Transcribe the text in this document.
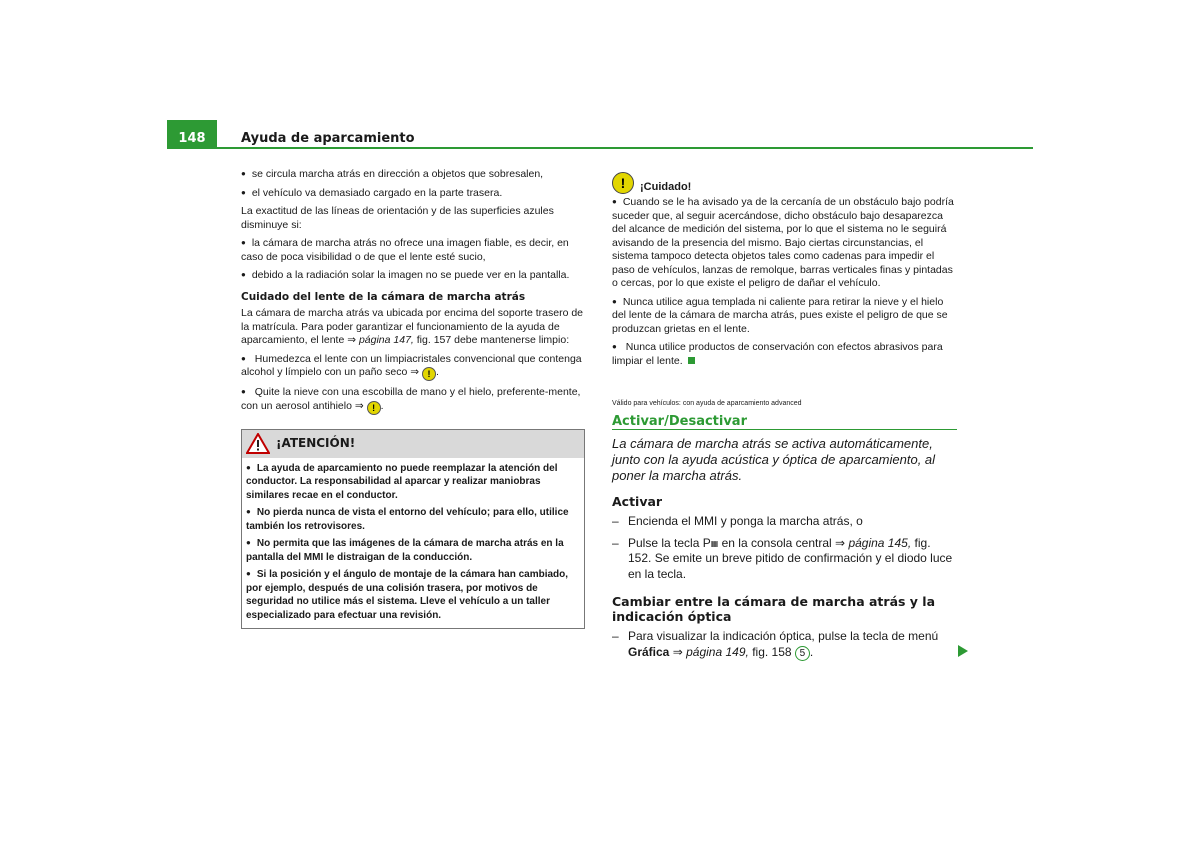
148	Ayuda de aparcamiento

● se circula marcha atrás en dirección a objetos que sobresalen,

● el vehículo va demasiado cargado en la parte trasera.

La exactitud de las líneas de orientación y de las superficies azules disminuye si:

● la cámara de marcha atrás no ofrece una imagen fiable, es decir, en caso de poca visibilidad o de que el lente esté sucio,

● debido a la radiación solar la imagen no se puede ver en la pantalla.

Cuidado del lente de la cámara de marcha atrás

La cámara de marcha atrás va ubicada por encima del soporte trasero de la matrícula. Para poder garantizar el funcionamiento de la ayuda de aparcamiento, el lente ⇒ página 147, fig. 157 debe mantenerse limpio:

● Humedezca el lente con un limpiacristales convencional que contenga alcohol y límpielo con un paño seco ⇒ ! .

● Quite la nieve con una escobilla de mano y el hielo, preferente-mente, con un aerosol antihielo ⇒ ! .

¡ATENCIÓN!

● La ayuda de aparcamiento no puede reemplazar la atención del conductor. La responsabilidad al aparcar y realizar maniobras similares recae en el conductor.

● No pierda nunca de vista el entorno del vehículo; para ello, utilice también los retrovisores.

● No permita que las imágenes de la cámara de marcha atrás en la pantalla del MMI le distraigan de la conducción.

● Si la posición y el ángulo de montaje de la cámara han cambiado, por ejemplo, después de una colisión trasera, por motivos de seguridad no utilice más el sistema. Lleve el vehículo a un taller especializado para efectuar una revisión.

!	¡Cuidado!

● Cuando se le ha avisado ya de la cercanía de un obstáculo bajo podría suceder que, al seguir acercándose, dicho obstáculo bajo desaparezca del alcance de medición del sistema, por lo que el sistema no le seguirá avisando de la presencia del mismo. Bajo ciertas circunstancias, el sistema tampoco detecta objetos tales como cadenas para impedir el paso de vehículos, lanzas de remolque, barras verticales finas y pintadas o cercas, por lo que existe el peligro de dañar el vehículo.

● Nunca utilice agua templada ni caliente para retirar la nieve y el hielo del lente de la cámara de marcha atrás, pues existe el peligro de que se produzcan grietas en el lente.

● Nunca utilice productos de conservación con efectos abrasivos para limpiar el lente.

Válido para vehículos: con ayuda de aparcamiento advanced
Activar/Desactivar
La cámara de marcha atrás se activa automáticamente, junto con la ayuda acústica y óptica de aparcamiento, al poner la marcha atrás.
Activar
– Encienda el MMI y ponga la marcha atrás, o
– Pulse la tecla P▦ en la consola central ⇒ página 145, fig. 152. Se emite un breve pitido de confirmación y el diodo luce en la tecla.
Cambiar entre la cámara de marcha atrás y la indicación óptica
– Para visualizar la indicación óptica, pulse la tecla de menú Gráfica ⇒ página 149, fig. 158 5 .
